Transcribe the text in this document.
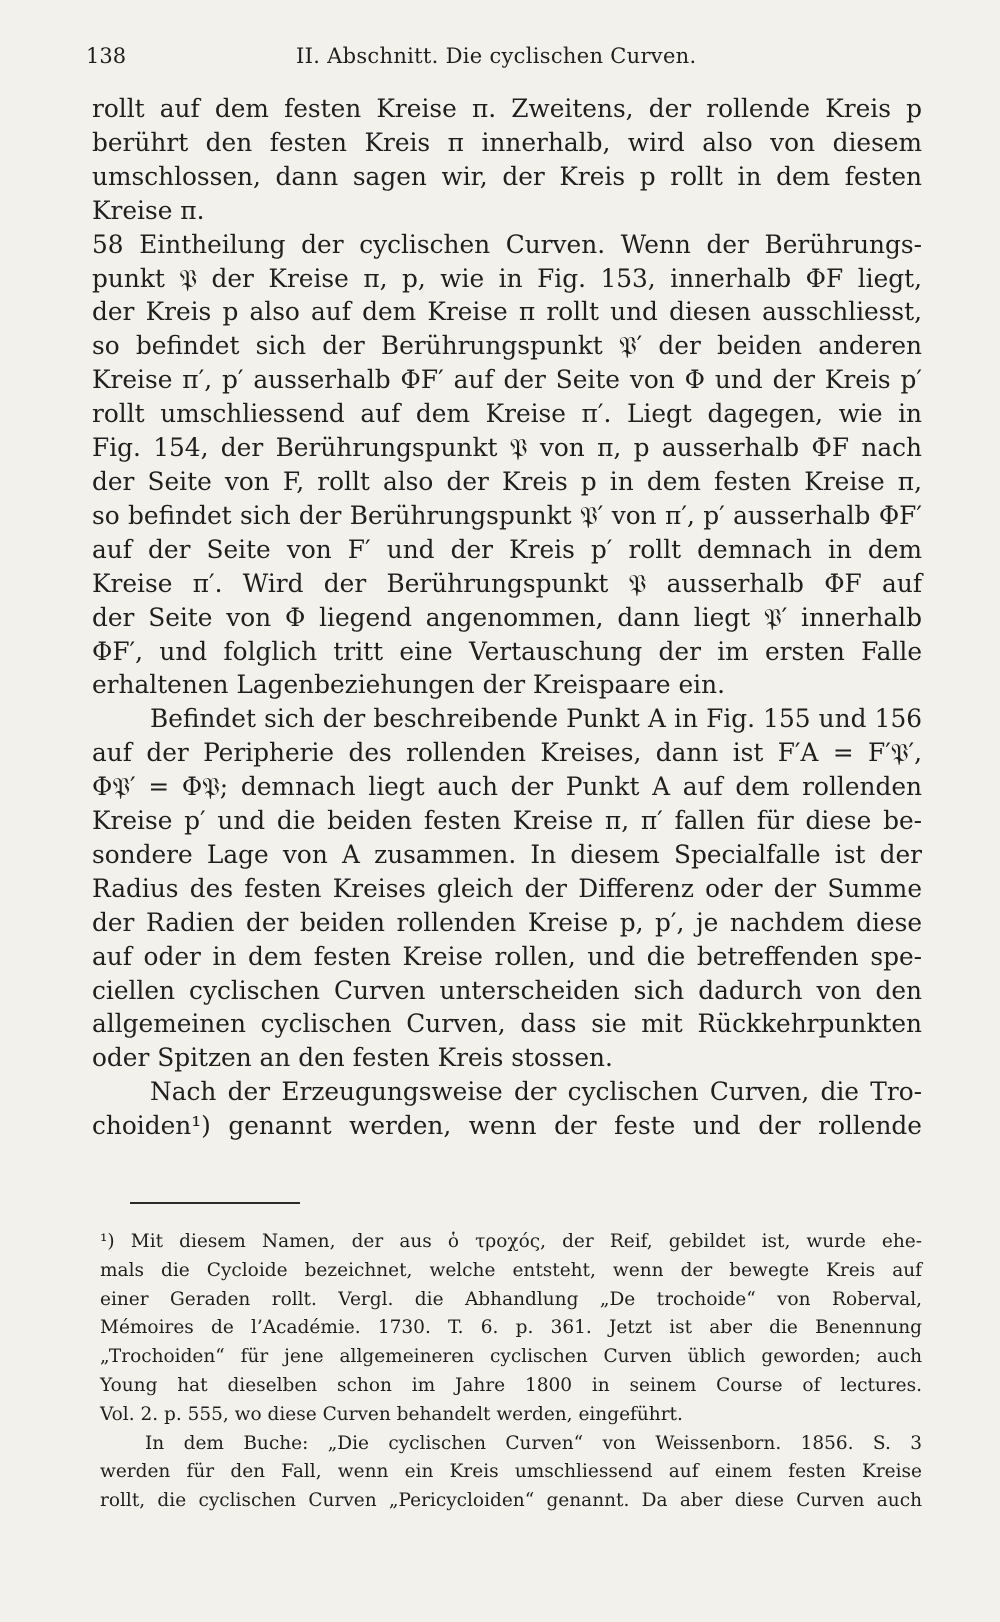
138	II. Abschnitt. Die cyclischen Curven.

rollt auf dem festen Kreise π. Zweitens, der rollende Kreis p

berührt den festen Kreis π innerhalb, wird also von diesem

umschlossen, dann sagen wir, der Kreis p rollt in dem festen

Kreise π.

58 Eintheilung der cyclischen Curven. Wenn der Berührungs-

punkt 𝔓 der Kreise π, p, wie in Fig. 153, innerhalb ΦF liegt,

der Kreis p also auf dem Kreise π rollt und diesen ausschliesst,

so befindet sich der Berührungspunkt 𝔓′ der beiden anderen

Kreise π′, p′ ausserhalb ΦF′ auf der Seite von Φ und der Kreis p′

rollt umschliessend auf dem Kreise π′. Liegt dagegen, wie in

Fig. 154, der Berührungspunkt 𝔓 von π, p ausserhalb ΦF nach

der Seite von F, rollt also der Kreis p in dem festen Kreise π,

so befindet sich der Berührungspunkt 𝔓′ von π′, p′ ausserhalb ΦF′

auf der Seite von F′ und der Kreis p′ rollt demnach in dem

Kreise π′. Wird der Berührungspunkt 𝔓 ausserhalb ΦF auf

der Seite von Φ liegend angenommen, dann liegt 𝔓′ innerhalb

ΦF′, und folglich tritt eine Vertauschung der im ersten Falle

erhaltenen Lagenbeziehungen der Kreispaare ein.

Befindet sich der beschreibende Punkt A in Fig. 155 und 156

auf der Peripherie des rollenden Kreises, dann ist F′A = F′𝔓′,

Φ𝔓′ = Φ𝔓; demnach liegt auch der Punkt A auf dem rollenden

Kreise p′ und die beiden festen Kreise π, π′ fallen für diese be-

sondere Lage von A zusammen. In diesem Specialfalle ist der

Radius des festen Kreises gleich der Differenz oder der Summe

der Radien der beiden rollenden Kreise p, p′, je nachdem diese

auf oder in dem festen Kreise rollen, und die betreffenden spe-

ciellen cyclischen Curven unterscheiden sich dadurch von den

allgemeinen cyclischen Curven, dass sie mit Rückkehrpunkten

oder Spitzen an den festen Kreis stossen.

Nach der Erzeugungsweise der cyclischen Curven, die Tro-

choiden¹) genannt werden, wenn der feste und der rollende

¹) Mit diesem Namen, der aus ὁ τροχός, der Reif, gebildet ist, wurde ehe-

mals die Cycloide bezeichnet, welche entsteht, wenn der bewegte Kreis auf

einer Geraden rollt. Vergl. die Abhandlung „De trochoide“ von Roberval,

Mémoires de l’Académie. 1730. T. 6. p. 361. Jetzt ist aber die Benennung

„Trochoiden“ für jene allgemeineren cyclischen Curven üblich geworden; auch

Young hat dieselben schon im Jahre 1800 in seinem Course of lectures.

Vol. 2. p. 555, wo diese Curven behandelt werden, eingeführt.

In dem Buche: „Die cyclischen Curven“ von Weissenborn. 1856. S. 3

werden für den Fall, wenn ein Kreis umschliessend auf einem festen Kreise

rollt, die cyclischen Curven „Pericycloiden“ genannt. Da aber diese Curven auch
